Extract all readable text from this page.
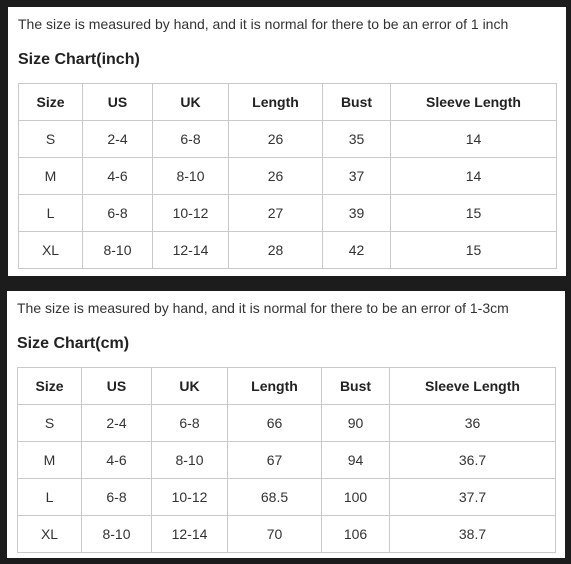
The size is measured by hand, and it is normal for there to be an error of 1 inch
Size Chart(inch)
Size	US	UK	Length	Bust	Sleeve Length
S	2-4	6-8	26	35	14
M	4-6	8-10	26	37	14
L	6-8	10-12	27	39	15
XL	8-10	12-14	28	42	15
The size is measured by hand, and it is normal for there to be an error of 1-3cm
Size Chart(cm)
Size	US	UK	Length	Bust	Sleeve Length
S	2-4	6-8	66	90	36
M	4-6	8-10	67	94	36.7
L	6-8	10-12	68.5	100	37.7
XL	8-10	12-14	70	106	38.7
